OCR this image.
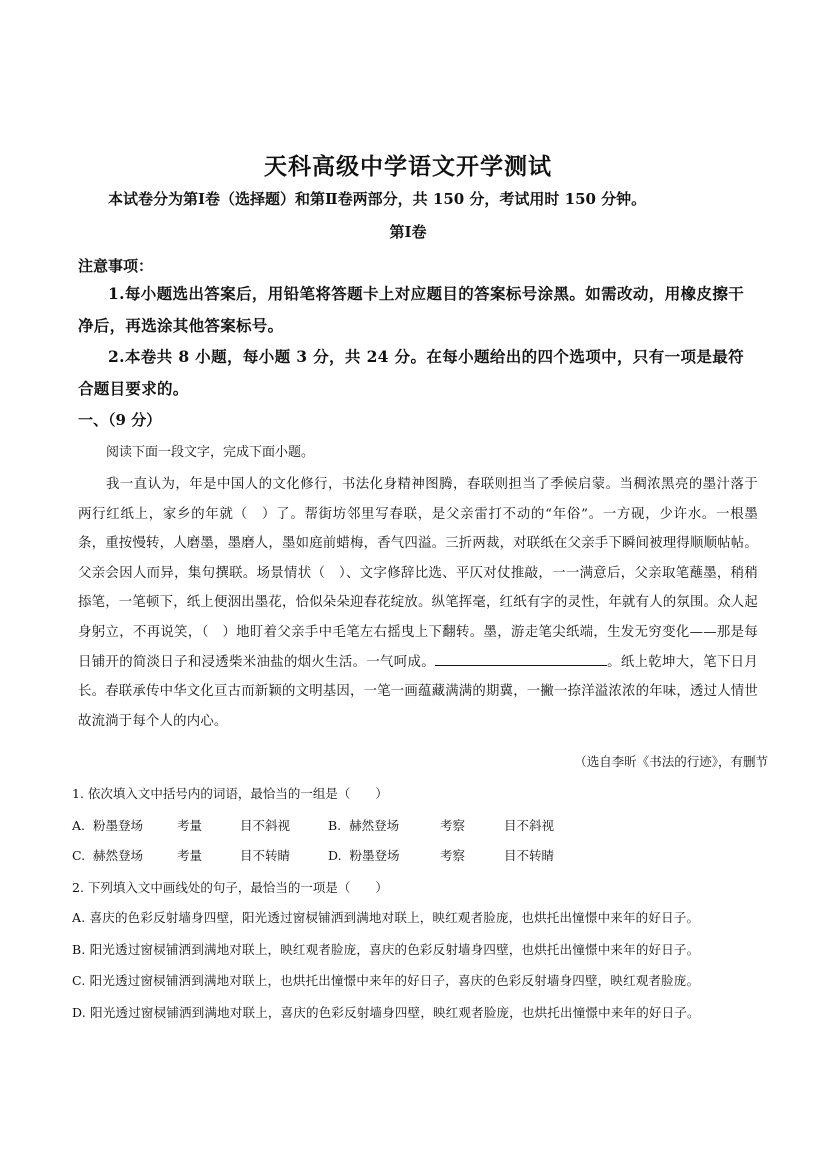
天科高级中学语文开学测试
本试卷分为第Ⅰ卷（选择题）和第Ⅱ卷两部分，共 150 分，考试用时 150 分钟。
第Ⅰ卷
注意事项：
1.每小题选出答案后，用铅笔将答题卡上对应题目的答案标号涂黑。如需改动，用橡皮擦干净后，再选涂其他答案标号。
2.本卷共 8 小题，每小题 3 分，共 24 分。在每小题给出的四个选项中，只有一项是最符合题目要求的。
一、（9 分）
阅读下面一段文字，完成下面小题。
我一直认为，年是中国人的文化修行，书法化身精神图腾，春联则担当了季候启蒙。当稠浓黑亮的墨汁落于两行红纸上，家乡的年就（　）了。帮街坊邻里写春联，是父亲雷打不动的“年俗”。一方砚，少许水。一根墨条，重按慢转，人磨墨，墨磨人，墨如庭前蜡梅，香气四溢。三折两裁，对联纸在父亲手下瞬间被理得顺顺帖帖。父亲会因人而异，集句撰联。场景情状（　）、文字修辞比选、平仄对仗推敲，一一满意后，父亲取笔蘸墨，稍稍掭笔，一笔顿下，纸上便洇出墨花，恰似朵朵迎春花绽放。纵笔挥毫，红纸有字的灵性，年就有人的氛围。众人起身躬立，不再说笑，（　）地盯着父亲手中毛笔左右摇曳上下翻转。墨，游走笔尖纸端，生发无穷变化——那是每日铺开的简淡日子和浸透柴米油盐的烟火生活。一气呵成。	。纸上乾坤大，笔下日月长。春联承传中华文化亘古而新颖的文明基因，一笔一画蕴藏满满的期冀，一撇一捺洋溢浓浓的年味，透过人情世故流淌于每个人的内心。
（选自李昕《书法的行迹》，有删节
1. 依次填入文中括号内的词语，最恰当的一组是（　　）
A. 粉墨登场	考量	目不斜视	B. 赫然登场	考察	目不斜视
C. 赫然登场	考量	目不转睛	D. 粉墨登场	考察	目不转睛
2. 下列填入文中画线处的句子，最恰当的一项是（　　）
A. 喜庆的色彩反射墙身四壁，阳光透过窗棂铺洒到满地对联上，映红观者脸庞，也烘托出憧憬中来年的好日子。
B. 阳光透过窗棂铺洒到满地对联上，映红观者脸庞，喜庆的色彩反射墙身四壁，也烘托出憧憬中来年的好日子。
C. 阳光透过窗棂铺洒到满地对联上，也烘托出憧憬中来年的好日子，喜庆的色彩反射墙身四壁，映红观者脸庞。
D. 阳光透过窗棂铺洒到满地对联上，喜庆的色彩反射墙身四壁，映红观者脸庞，也烘托出憧憬中来年的好日子。
